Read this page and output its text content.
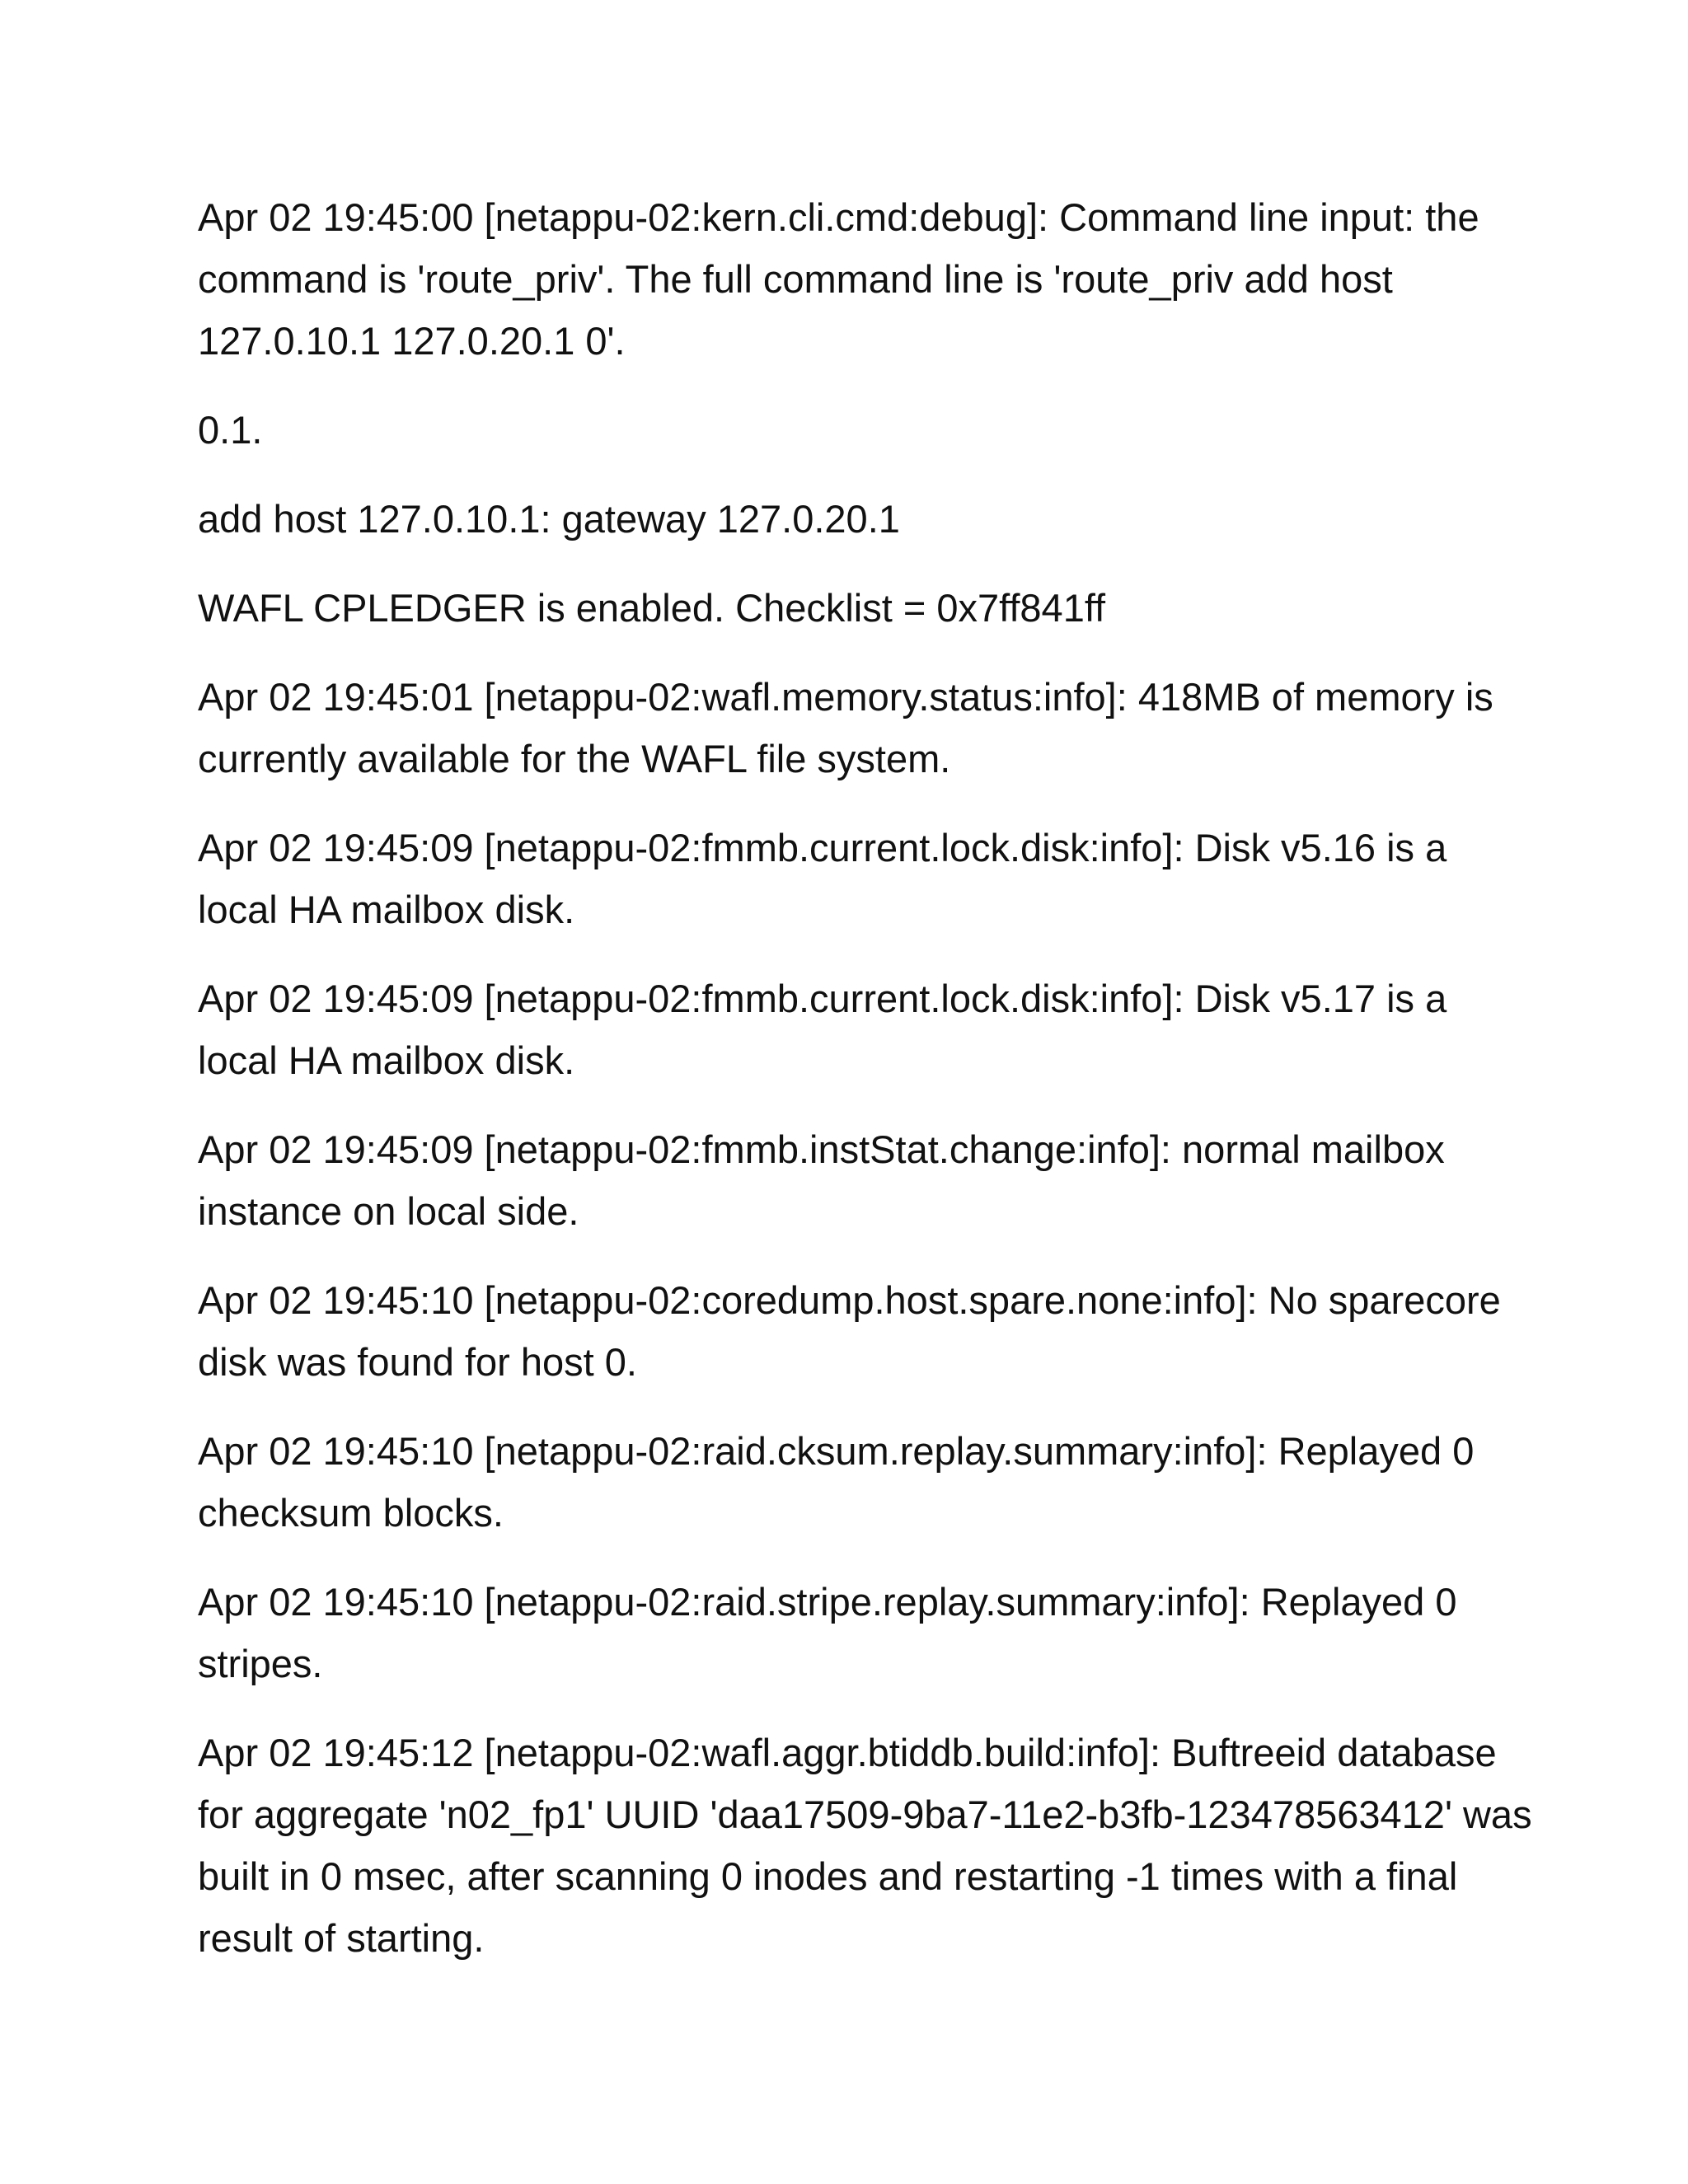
Apr 02 19:45:00 [netappu-02:kern.cli.cmd:debug]: Command line input: the command is 'route_priv'. The full command line is 'route_priv add host 127.0.10.1 127.0.20.1 0'.

0.1.

add host 127.0.10.1: gateway 127.0.20.1

WAFL CPLEDGER is enabled. Checklist = 0x7ff841ff

Apr 02 19:45:01 [netappu-02:wafl.memory.status:info]: 418MB of memory is currently available for the WAFL file system.

Apr 02 19:45:09 [netappu-02:fmmb.current.lock.disk:info]: Disk v5.16 is a local HA mailbox disk.

Apr 02 19:45:09 [netappu-02:fmmb.current.lock.disk:info]: Disk v5.17 is a local HA mailbox disk.

Apr 02 19:45:09 [netappu-02:fmmb.instStat.change:info]: normal mailbox instance on local side.

Apr 02 19:45:10 [netappu-02:coredump.host.spare.none:info]: No sparecore disk was found for host 0.

Apr 02 19:45:10 [netappu-02:raid.cksum.replay.summary:info]: Replayed 0 checksum blocks.

Apr 02 19:45:10 [netappu-02:raid.stripe.replay.summary:info]: Replayed 0 stripes.

Apr 02 19:45:12 [netappu-02:wafl.aggr.btiddb.build:info]: Buftreeid database for aggregate 'n02_fp1' UUID 'daa17509-9ba7-11e2-b3fb-123478563412' was built in 0 msec, after scanning 0 inodes and restarting -1 times with a final result of starting.
